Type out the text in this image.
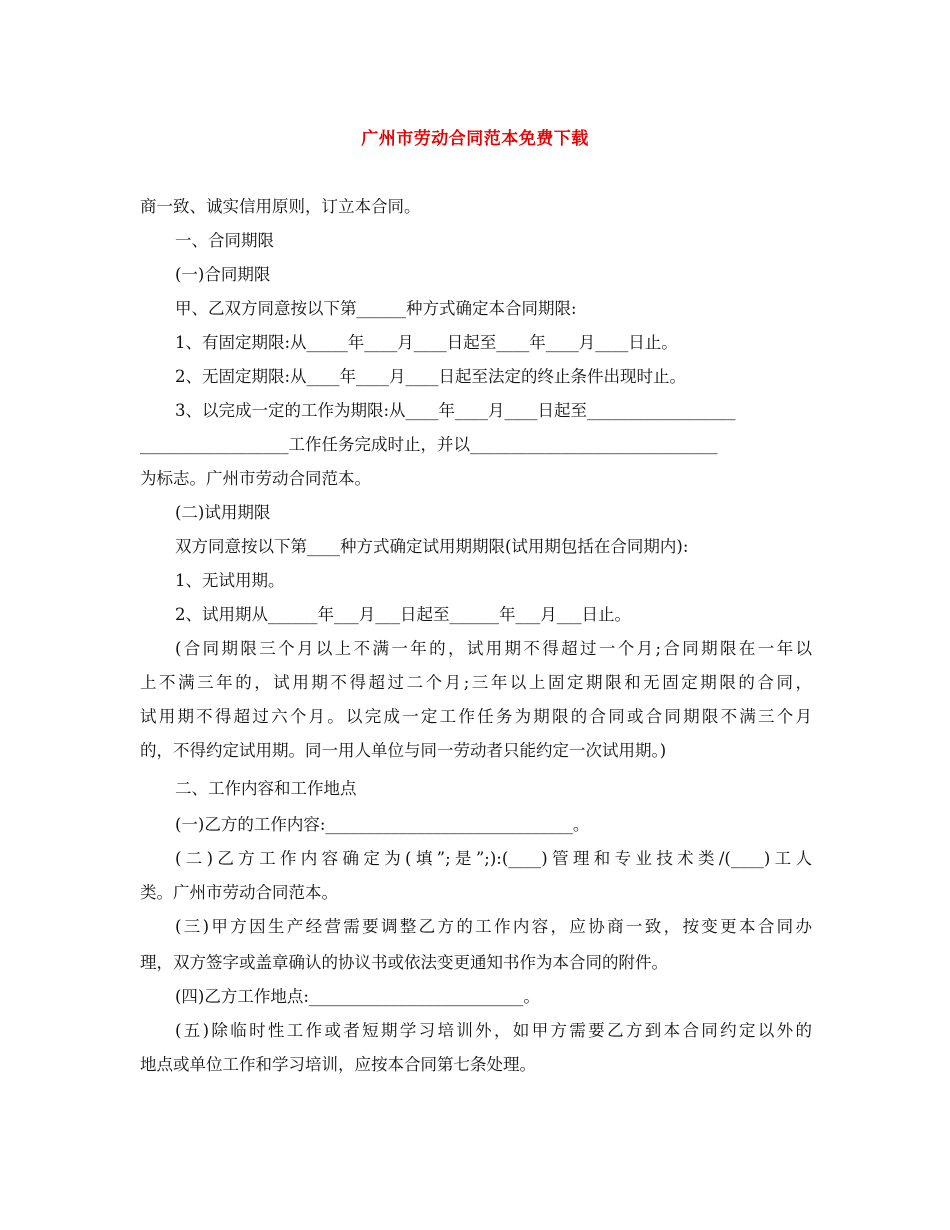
广州市劳动合同范本免费下载
商一致、诚实信用原则，订立本合同。
一、合同期限
(一)合同期限
甲、乙双方同意按以下第______种方式确定本合同期限:
1、有固定期限:从_____年____月____日起至____年____月____日止。
2、无固定期限:从____年____月____日起至法定的终止条件出现时止。
3、以完成一定的工作为期限:从____年____月____日起至__________________
__________________工作任务完成时止，并以______________________________
为标志。广州市劳动合同范本。
(二)试用期限
双方同意按以下第____种方式确定试用期期限(试用期包括在合同期内):
1、无试用期。
2、试用期从______年___月___日起至______年___月___日止。
(合同期限三个月以上不满一年的，试用期不得超过一个月;合同期限在一年以
上不满三年的，试用期不得超过二个月;三年以上固定期限和无固定期限的合同，
试用期不得超过六个月。以完成一定工作任务为期限的合同或合同期限不满三个月
的，不得约定试用期。同一用人单位与同一劳动者只能约定一次试用期。)
二、工作内容和工作地点
(一)乙方的工作内容:______________________________。
(二)乙方工作内容确定为(填”;是”;):(____)管理和专业技术类/(____)工人
类。广州市劳动合同范本。
(三)甲方因生产经营需要调整乙方的工作内容，应协商一致，按变更本合同办
理，双方签字或盖章确认的协议书或依法变更通知书作为本合同的附件。
(四)乙方工作地点:__________________________。
(五)除临时性工作或者短期学习培训外，如甲方需要乙方到本合同约定以外的
地点或单位工作和学习培训，应按本合同第七条处理。
